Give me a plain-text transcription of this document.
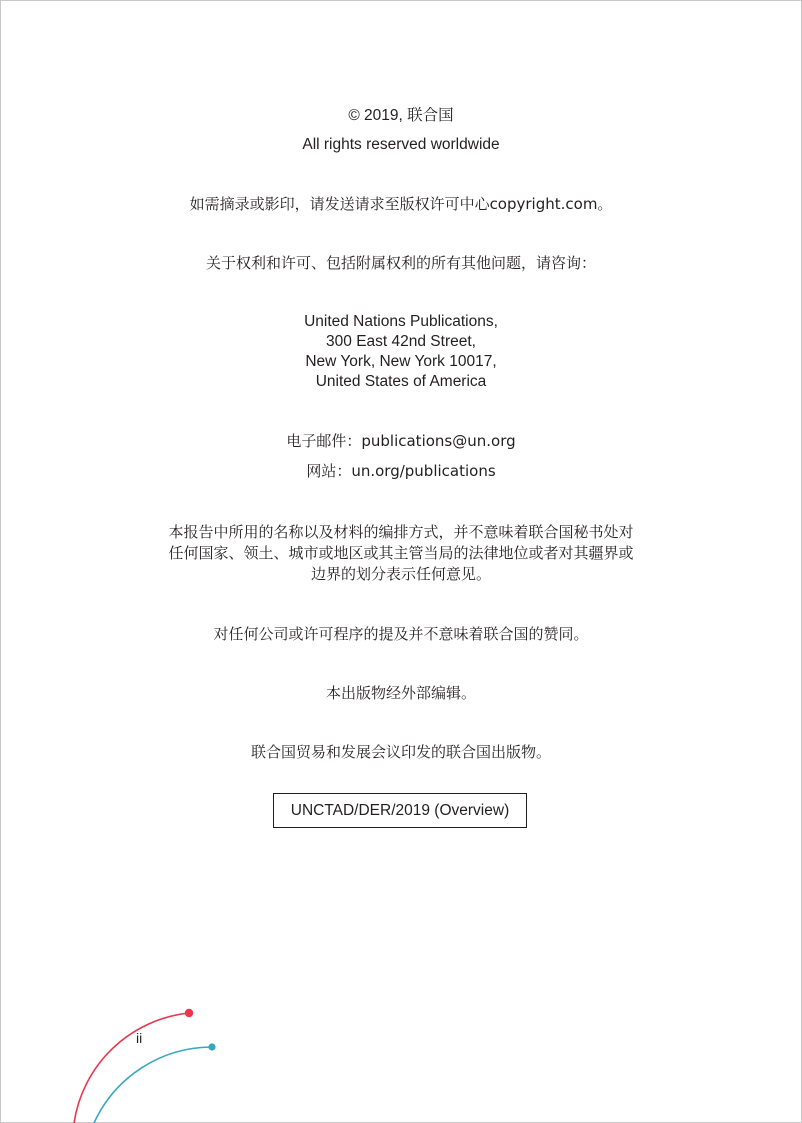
© 2019, 联合国
All rights reserved worldwide
如需摘录或影印，请发送请求至版权许可中心copyright.com。
关于权利和许可、包括附属权利的所有其他问题，请咨询：
United Nations Publications,
300 East 42nd Street,
New York, New York 10017,
United States of America
电子邮件：publications@un.org
网站：un.org/publications
本报告中所用的名称以及材料的编排方式，并不意味着联合国秘书处对
任何国家、领土、城市或地区或其主管当局的法律地位或者对其疆界或
边界的划分表示任何意见。
对任何公司或许可程序的提及并不意味着联合国的赞同。
本出版物经外部编辑。
联合国贸易和发展会议印发的联合国出版物。
UNCTAD/DER/2019 (Overview)
ii
